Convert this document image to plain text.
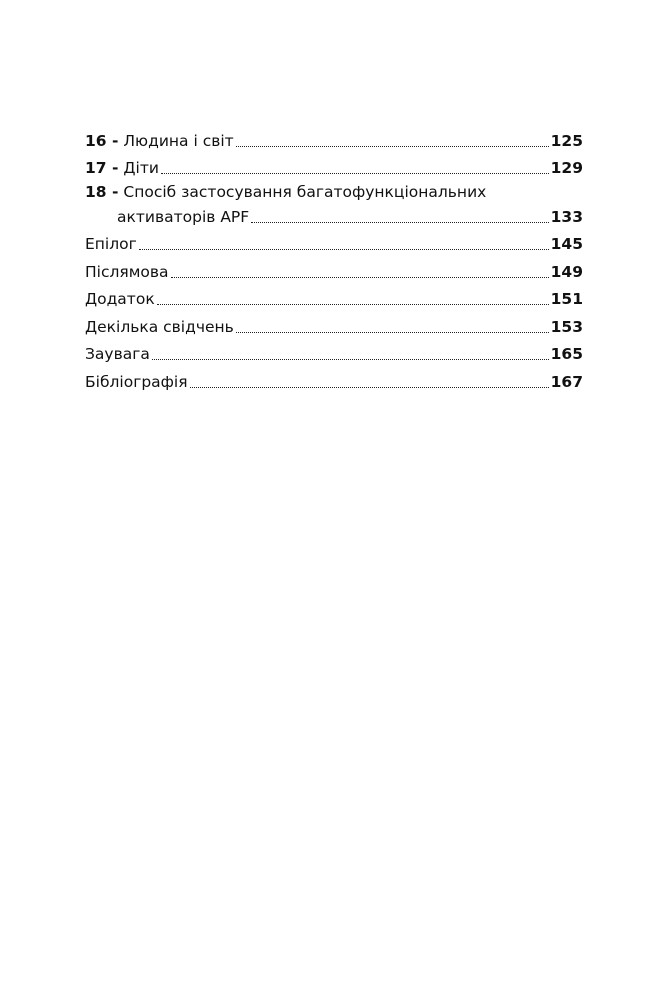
16 - Людина і світ	125
17 - Діти	129
18 - Спосіб застосування багатофункціональних
активаторів APF	133
Епілог	145
Післямова	149
Додаток	151
Декілька свідчень	153
Заувага	165
Бібліографія	167
